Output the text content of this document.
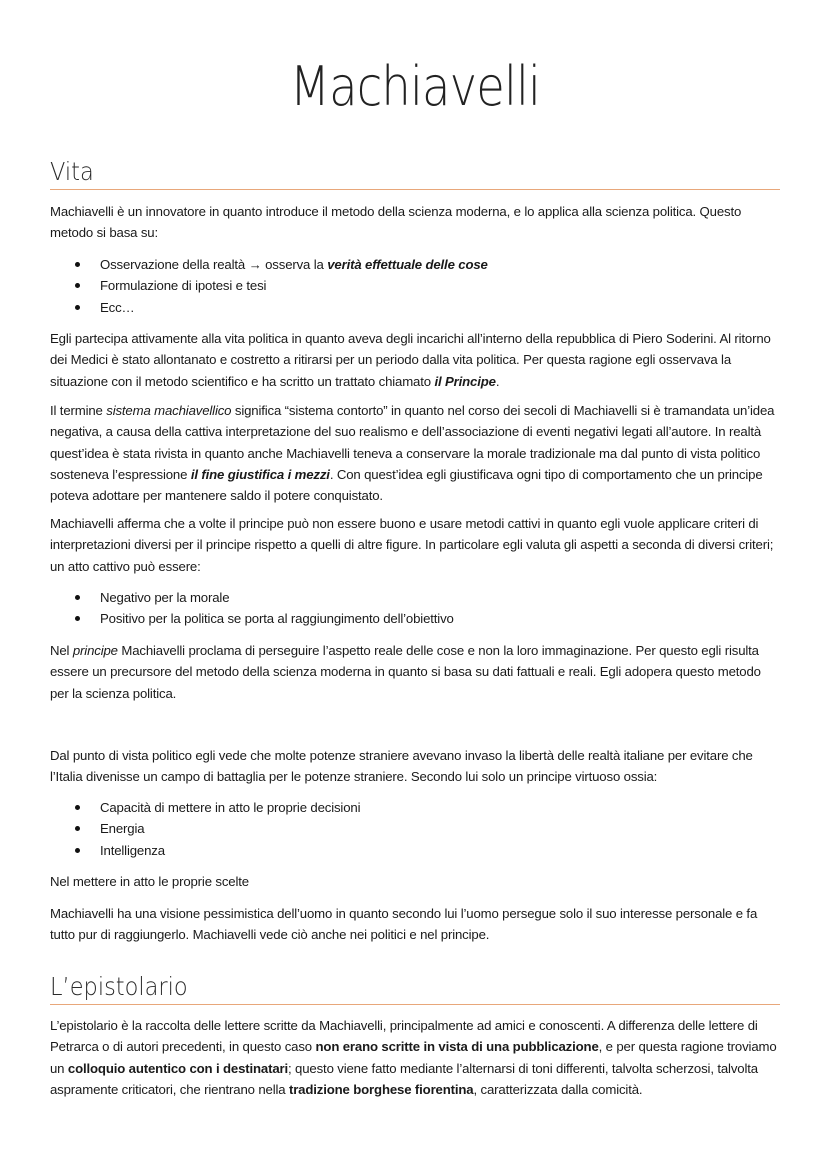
Machiavelli
Vita

Machiavelli è un innovatore in quanto introduce il metodo della scienza moderna, e lo applica alla scienza politica. Questo metodo si basa su:

Osservazione della realtà → osserva la verità effettuale delle cose
Formulazione di ipotesi e tesi
Ecc…

Egli partecipa attivamente alla vita politica in quanto aveva degli incarichi all’interno della repubblica di Piero Soderini. Al ritorno dei Medici è stato allontanato e costretto a ritirarsi per un periodo dalla vita politica. Per questa ragione egli osservava la situazione con il metodo scientifico e ha scritto un trattato chiamato il Principe.

Il termine sistema machiavellico significa “sistema contorto” in quanto nel corso dei secoli di Machiavelli si è tramandata un’idea negativa, a causa della cattiva interpretazione del suo realismo e dell’associazione di eventi negativi legati all’autore. In realtà quest’idea è stata rivista in quanto anche Machiavelli teneva a conservare la morale tradizionale ma dal punto di vista politico sosteneva l’espressione il fine giustifica i mezzi. Con quest’idea egli giustificava ogni tipo di comportamento che un principe poteva adottare per mantenere saldo il potere conquistato.

Machiavelli afferma che a volte il principe può non essere buono e usare metodi cattivi in quanto egli vuole applicare criteri di interpretazioni diversi per il principe rispetto a quelli di altre figure. In particolare egli valuta gli aspetti a seconda di diversi criteri; un atto cattivo può essere:

Negativo per la morale
Positivo per la politica se porta al raggiungimento dell’obiettivo

Nel principe Machiavelli proclama di perseguire l’aspetto reale delle cose e non la loro immaginazione. Per questo egli risulta essere un precursore del metodo della scienza moderna in quanto si basa su dati fattuali e reali. Egli adopera questo metodo per la scienza politica.

Dal punto di vista politico egli vede che molte potenze straniere avevano invaso la libertà delle realtà italiane per evitare che l’Italia divenisse un campo di battaglia per le potenze straniere. Secondo lui solo un principe virtuoso ossia:

Capacità di mettere in atto le proprie decisioni
Energia
Intelligenza

Nel mettere in atto le proprie scelte

Machiavelli ha una visione pessimistica dell’uomo in quanto secondo lui l’uomo persegue solo il suo interesse personale e fa tutto pur di raggiungerlo. Machiavelli vede ciò anche nei politici e nel principe.

L’epistolario

L’epistolario è la raccolta delle lettere scritte da Machiavelli, principalmente ad amici e conoscenti. A differenza delle lettere di Petrarca o di autori precedenti, in questo caso non erano scritte in vista di una pubblicazione, e per questa ragione troviamo un colloquio autentico con i destinatari; questo viene fatto mediante l’alternarsi di toni differenti, talvolta scherzosi, talvolta aspramente criticatori, che rientrano nella tradizione borghese fiorentina, caratterizzata dalla comicità.
